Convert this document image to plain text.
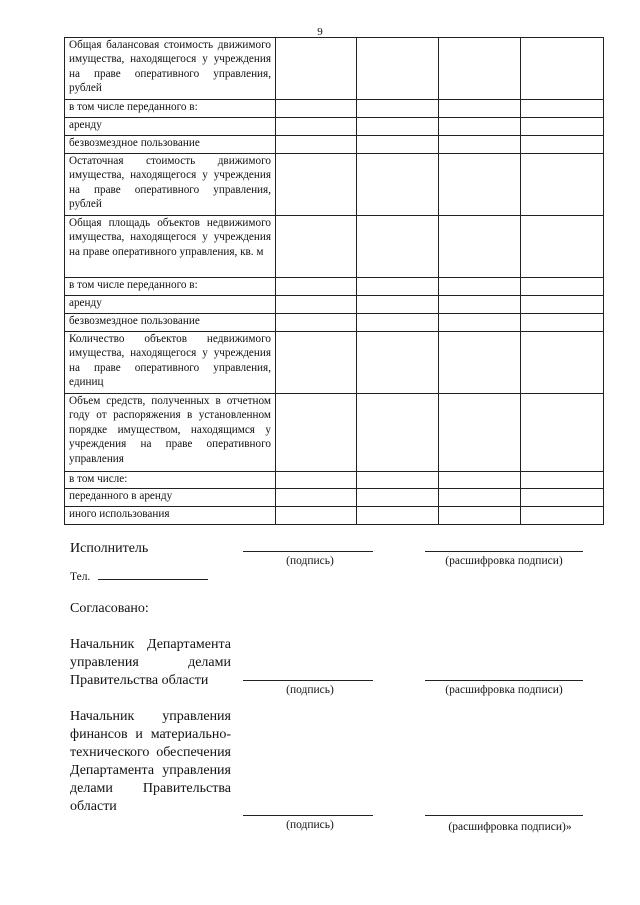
9
Общая балансовая стоимость движимого имущества, находящегося у учреждения на праве оперативного управления, рублей				
в том числе переданного в:				
аренду				
безвозмездное пользование				
Остаточная стоимость движимого имущества, находящегося у учреждения на праве оперативного управления, рублей				
Общая площадь объектов недвижимого имущества, находящегося у учреждения на праве оперативного управления, кв. м				
в том числе переданного в:				
аренду				
безвозмездное пользование				
Количество объектов недвижимого имущества, находящегося у учреждения на праве оперативного управления, единиц				
Объем средств, полученных в отчетном году от распоряжения в установленном порядке имуществом, находящимся у учреждения на праве оперативного управления				
в том числе:				
переданного в аренду				
иного использования				
Исполнитель
(подпись)	(расшифровка подписи)
Тел.
Согласовано:
Начальник Департамента управления делами Правительства области
(подпись)	(расшифровка подписи)
Начальник управления финансов и материально-технического обеспечения Департамента управления делами Правительства области
(подпись)	(расшифровка подписи)»
